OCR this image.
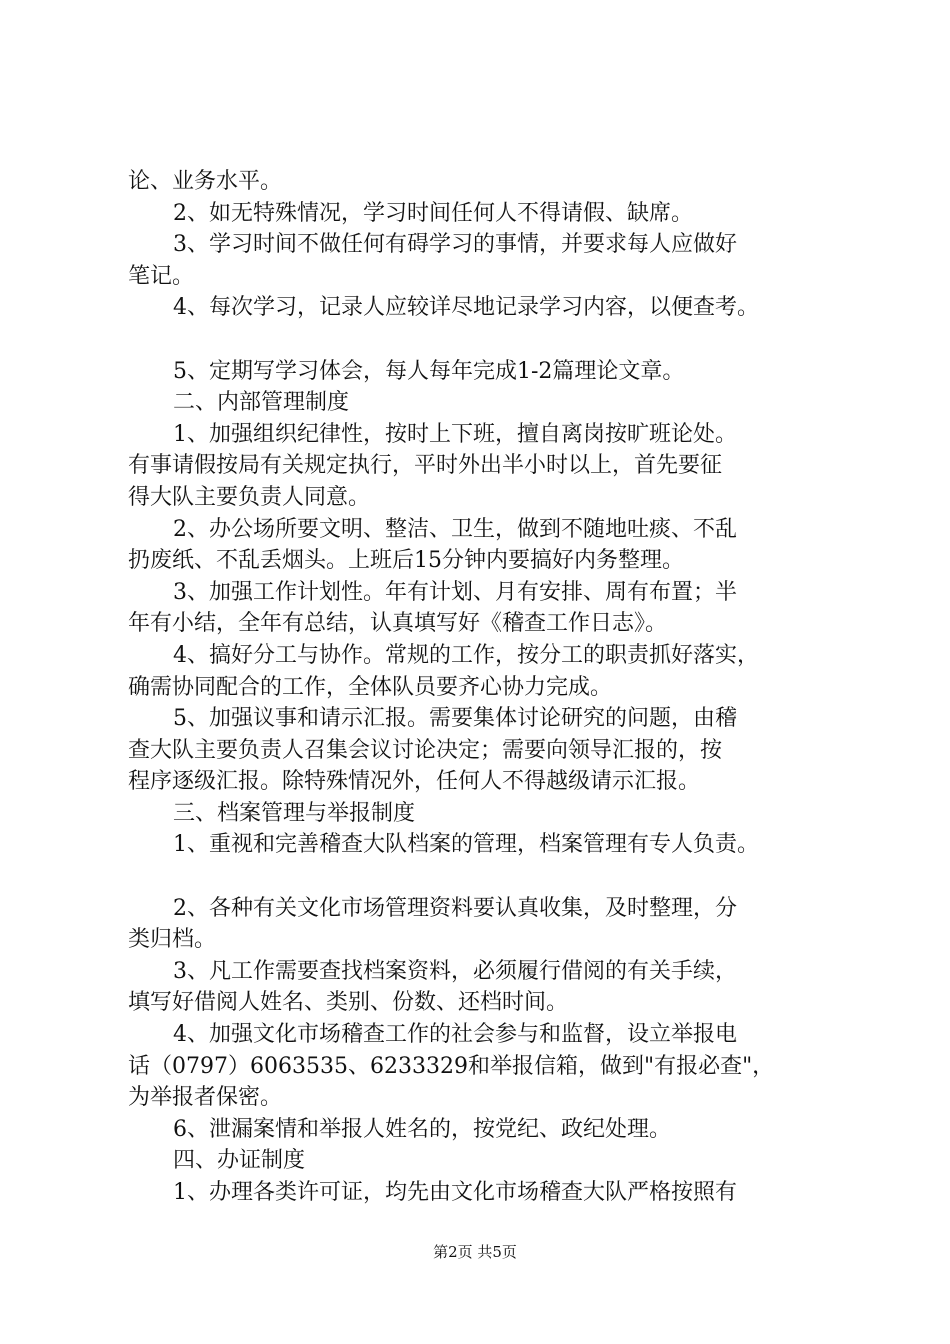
论、业务水平。
2、如无特殊情况，学习时间任何人不得请假、缺席。
3、学习时间不做任何有碍学习的事情，并要求每人应做好
笔记。
4、每次学习，记录人应较详尽地记录学习内容，以便查考。
5、定期写学习体会，每人每年完成1-2篇理论文章。
二、内部管理制度
1、加强组织纪律性，按时上下班，擅自离岗按旷班论处。
有事请假按局有关规定执行，平时外出半小时以上，首先要征
得大队主要负责人同意。
2、办公场所要文明、整洁、卫生，做到不随地吐痰、不乱
扔废纸、不乱丢烟头。上班后15分钟内要搞好内务整理。
3、加强工作计划性。年有计划、月有安排、周有布置；半
年有小结，全年有总结，认真填写好《稽查工作日志》。
4、搞好分工与协作。常规的工作，按分工的职责抓好落实，
确需协同配合的工作，全体队员要齐心协力完成。
5、加强议事和请示汇报。需要集体讨论研究的问题，由稽
查大队主要负责人召集会议讨论决定；需要向领导汇报的，按
程序逐级汇报。除特殊情况外，任何人不得越级请示汇报。
三、档案管理与举报制度
1、重视和完善稽查大队档案的管理，档案管理有专人负责。
2、各种有关文化市场管理资料要认真收集，及时整理，分
类归档。
3、凡工作需要查找档案资料，必须履行借阅的有关手续，
填写好借阅人姓名、类别、份数、还档时间。
4、加强文化市场稽查工作的社会参与和监督，设立举报电
话（0797）6063535、6233329和举报信箱，做到"有报必查"，
为举报者保密。
6、泄漏案情和举报人姓名的，按党纪、政纪处理。
四、办证制度
1、办理各类许可证，均先由文化市场稽查大队严格按照有
第2页 共5页
